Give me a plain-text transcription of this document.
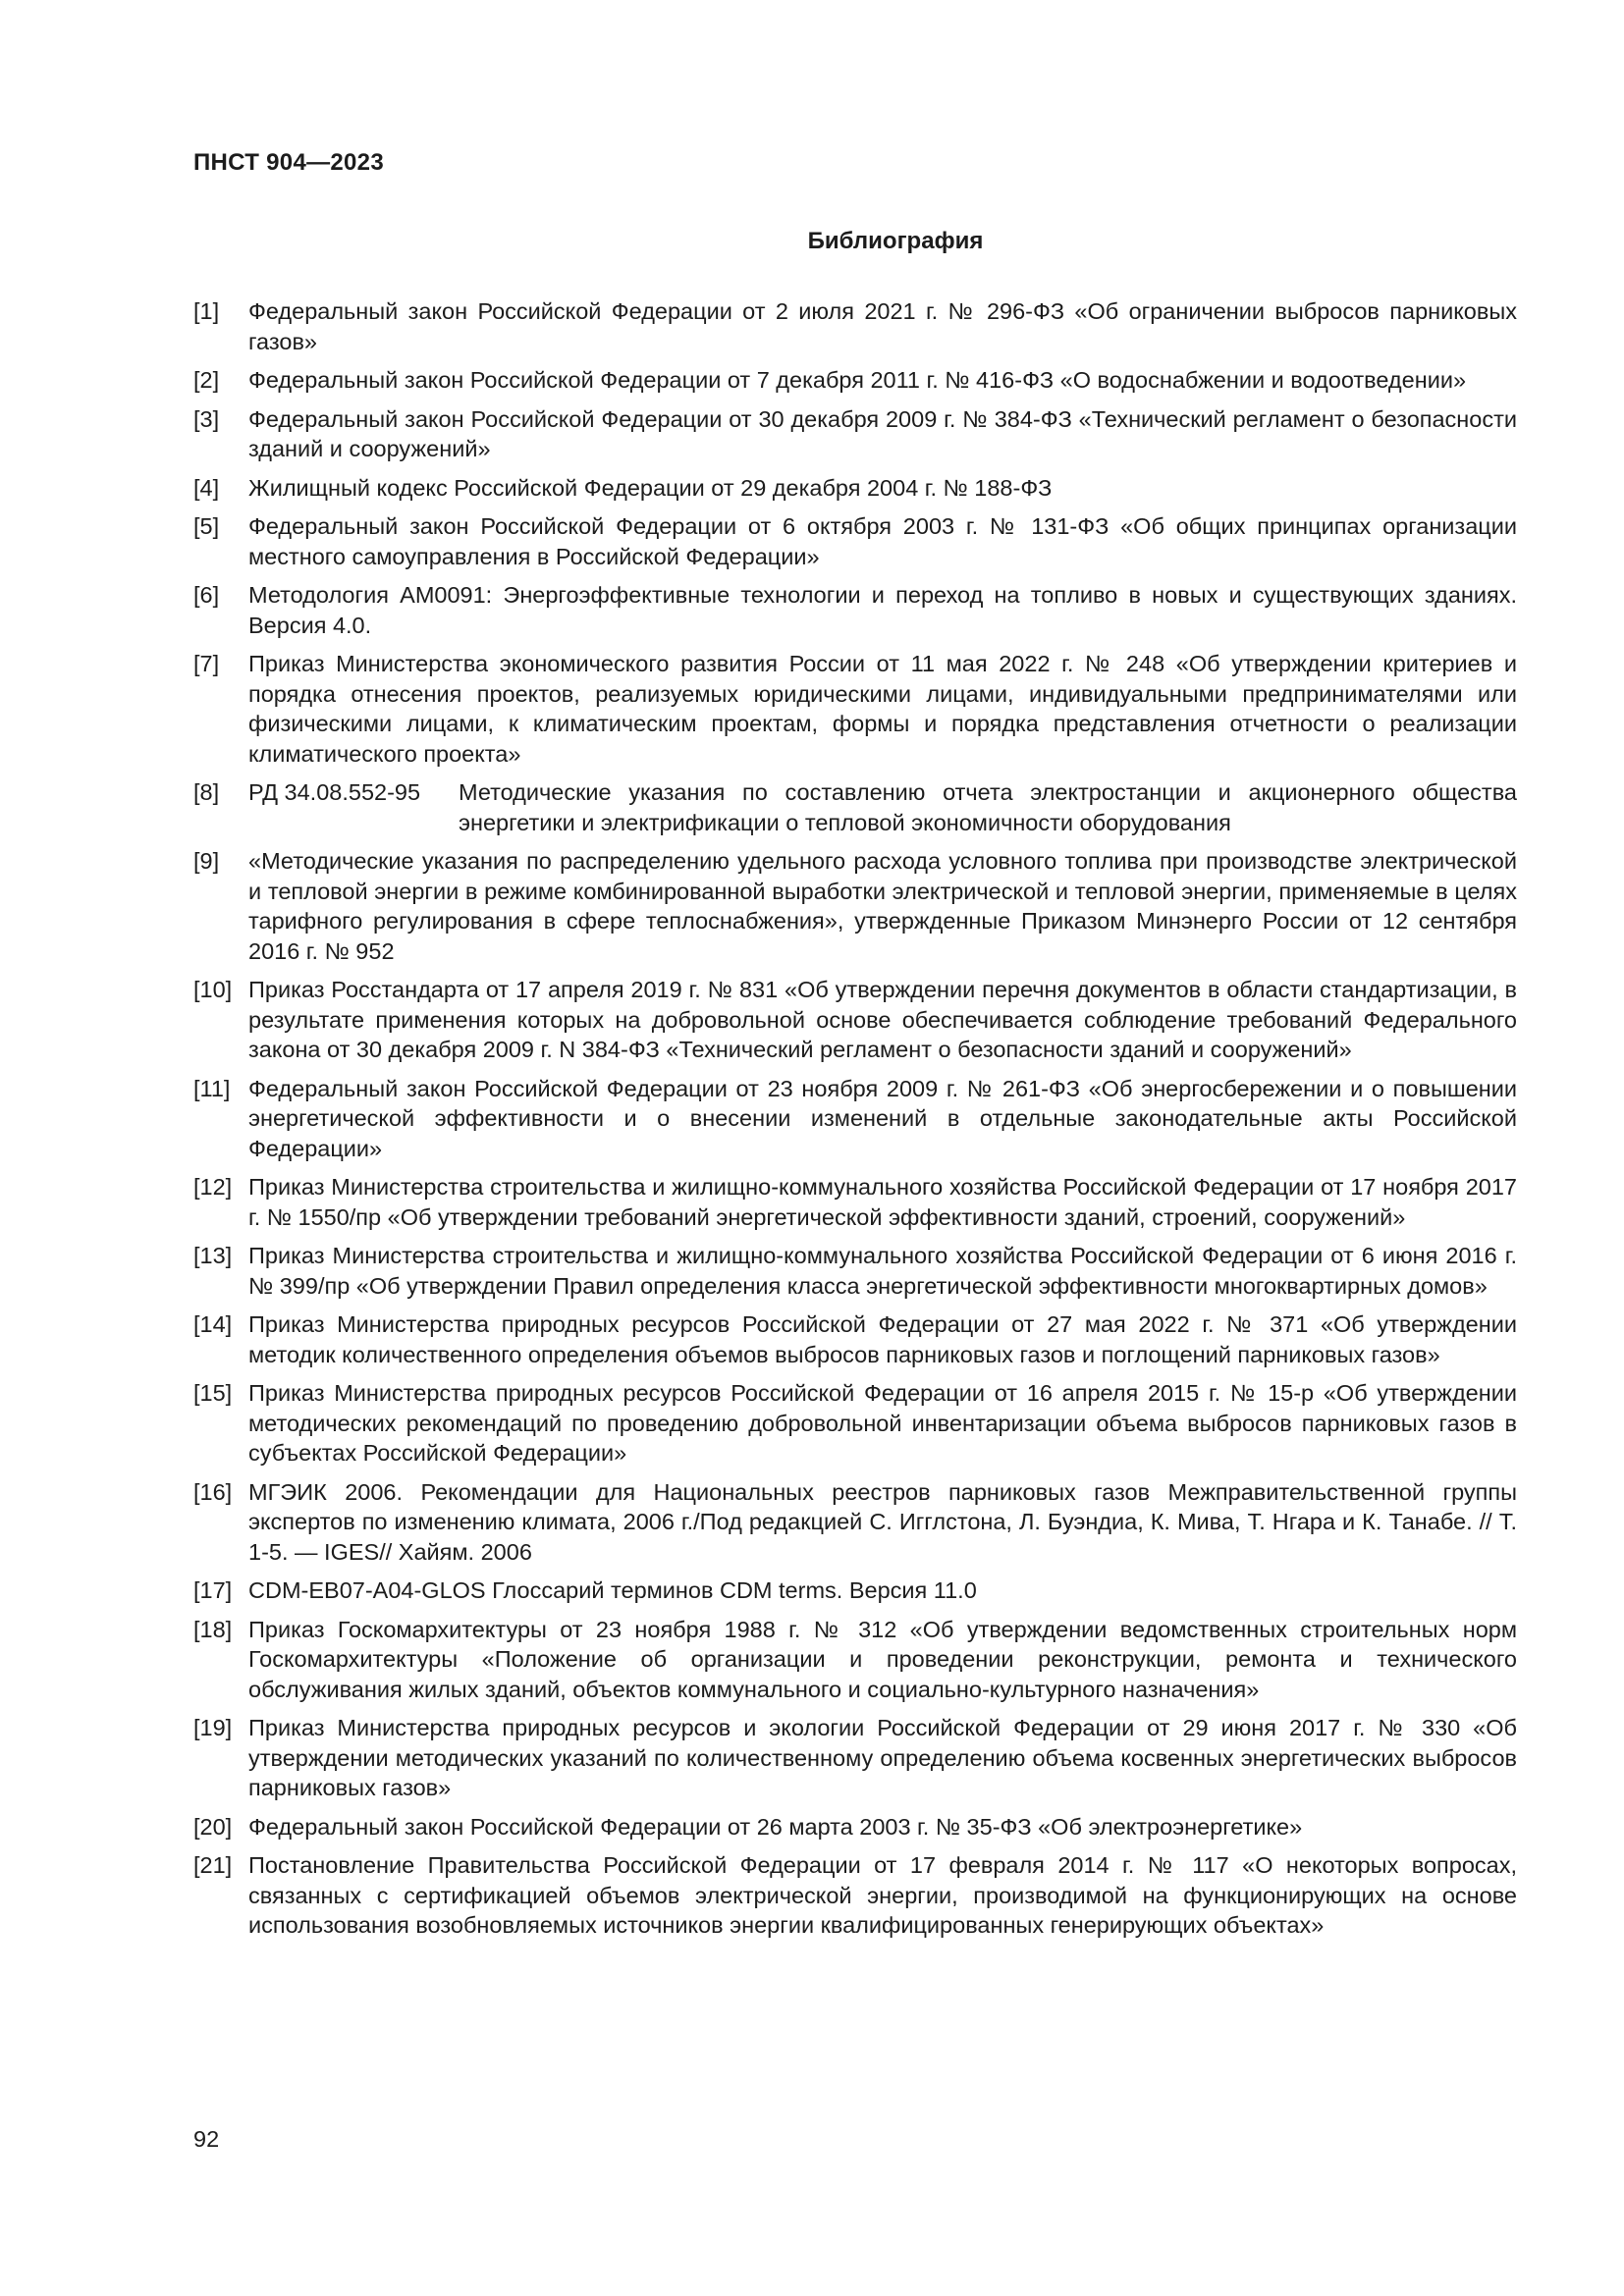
ПНСТ 904—2023
Библиография
[1]	Федеральный закон Российской Федерации от 2 июля 2021 г. № 296-ФЗ «Об ограничении выбросов парниковых газов»
[2]	Федеральный закон Российской Федерации от 7 декабря 2011 г. № 416-ФЗ «О водоснабжении и водоотведении»
[3]	Федеральный закон Российской Федерации от 30 декабря 2009 г. № 384-ФЗ «Технический регламент о безопасности зданий и сооружений»
[4]	Жилищный кодекс Российской Федерации от 29 декабря 2004 г. № 188-ФЗ
[5]	Федеральный закон Российской Федерации от 6 октября 2003 г. № 131-ФЗ «Об общих принципах организации местного самоуправления в Российской Федерации»
[6]	Методология AM0091: Энергоэффективные технологии и переход на топливо в новых и существующих зданиях. Версия 4.0.
[7]	Приказ Министерства экономического развития России от 11 мая 2022 г. № 248 «Об утверждении критериев и порядка отнесения проектов, реализуемых юридическими лицами, индивидуальными предпринимателями или физическими лицами, к климатическим проектам, формы и порядка представления отчетности о реализации климатического проекта»
[8]	РД 34.08.552-95	Методические указания по составлению отчета электростанции и акционерного общества энергетики и электрификации о тепловой экономичности оборудования
[9]	«Методические указания по распределению удельного расхода условного топлива при производстве электрической и тепловой энергии в режиме комбинированной выработки электрической и тепловой энергии, применяемые в целях тарифного регулирования в сфере теплоснабжения», утвержденные Приказом Минэнерго России от 12 сентября 2016 г. № 952
[10] Приказ Росстандарта от 17 апреля 2019 г. № 831 «Об утверждении перечня документов в области стандартизации, в результате применения которых на добровольной основе обеспечивается соблюдение требований Федерального закона от 30 декабря 2009 г. N 384-ФЗ «Технический регламент о безопасности зданий и сооружений»
[11] Федеральный закон Российской Федерации от 23 ноября 2009 г. № 261-ФЗ «Об энергосбережении и о повышении энергетической эффективности и о внесении изменений в отдельные законодательные акты Российской Федерации»
[12] Приказ Министерства строительства и жилищно-коммунального хозяйства Российской Федерации от 17 ноября 2017 г. № 1550/пр «Об утверждении требований энергетической эффективности зданий, строений, сооружений»
[13] Приказ Министерства строительства и жилищно-коммунального хозяйства Российской Федерации от 6 июня 2016 г. № 399/пр «Об утверждении Правил определения класса энергетической эффективности многоквартирных домов»
[14] Приказ Министерства природных ресурсов Российской Федерации от 27 мая 2022 г. № 371 «Об утверждении методик количественного определения объемов выбросов парниковых газов и поглощений парниковых газов»
[15] Приказ Министерства природных ресурсов Российской Федерации от 16 апреля 2015 г. № 15-р «Об утверждении методических рекомендаций по проведению добровольной инвентаризации объема выбросов парниковых газов в субъектах Российской Федерации»
[16] МГЭИК 2006. Рекомендации для Национальных реестров парниковых газов Межправительственной группы экспертов по изменению климата, 2006 г./Под редакцией С. Игглстона, Л. Буэндиа, К. Мива, Т. Нгара и К. Танабе. // Т. 1-5. — IGES// Хайям. 2006
[17] CDM-EB07-A04-GLOS Глоссарий терминов CDM terms. Версия 11.0
[18] Приказ Госкомархитектуры от 23 ноября 1988 г. № 312 «Об утверждении ведомственных строительных норм Госкомархитектуры «Положение об организации и проведении реконструкции, ремонта и технического обслуживания жилых зданий, объектов коммунального и социально-культурного назначения»
[19] Приказ Министерства природных ресурсов и экологии Российской Федерации от 29 июня 2017 г. № 330 «Об утверждении методических указаний по количественному определению объема косвенных энергетических выбросов парниковых газов»
[20] Федеральный закон Российской Федерации от 26 марта 2003 г. № 35-ФЗ «Об электроэнергетике»
[21] Постановление Правительства Российской Федерации от 17 февраля 2014 г. № 117 «О некоторых вопросах, связанных с сертификацией объемов электрической энергии, производимой на функционирующих на основе использования возобновляемых источников энергии квалифицированных генерирующих объектах»
92
